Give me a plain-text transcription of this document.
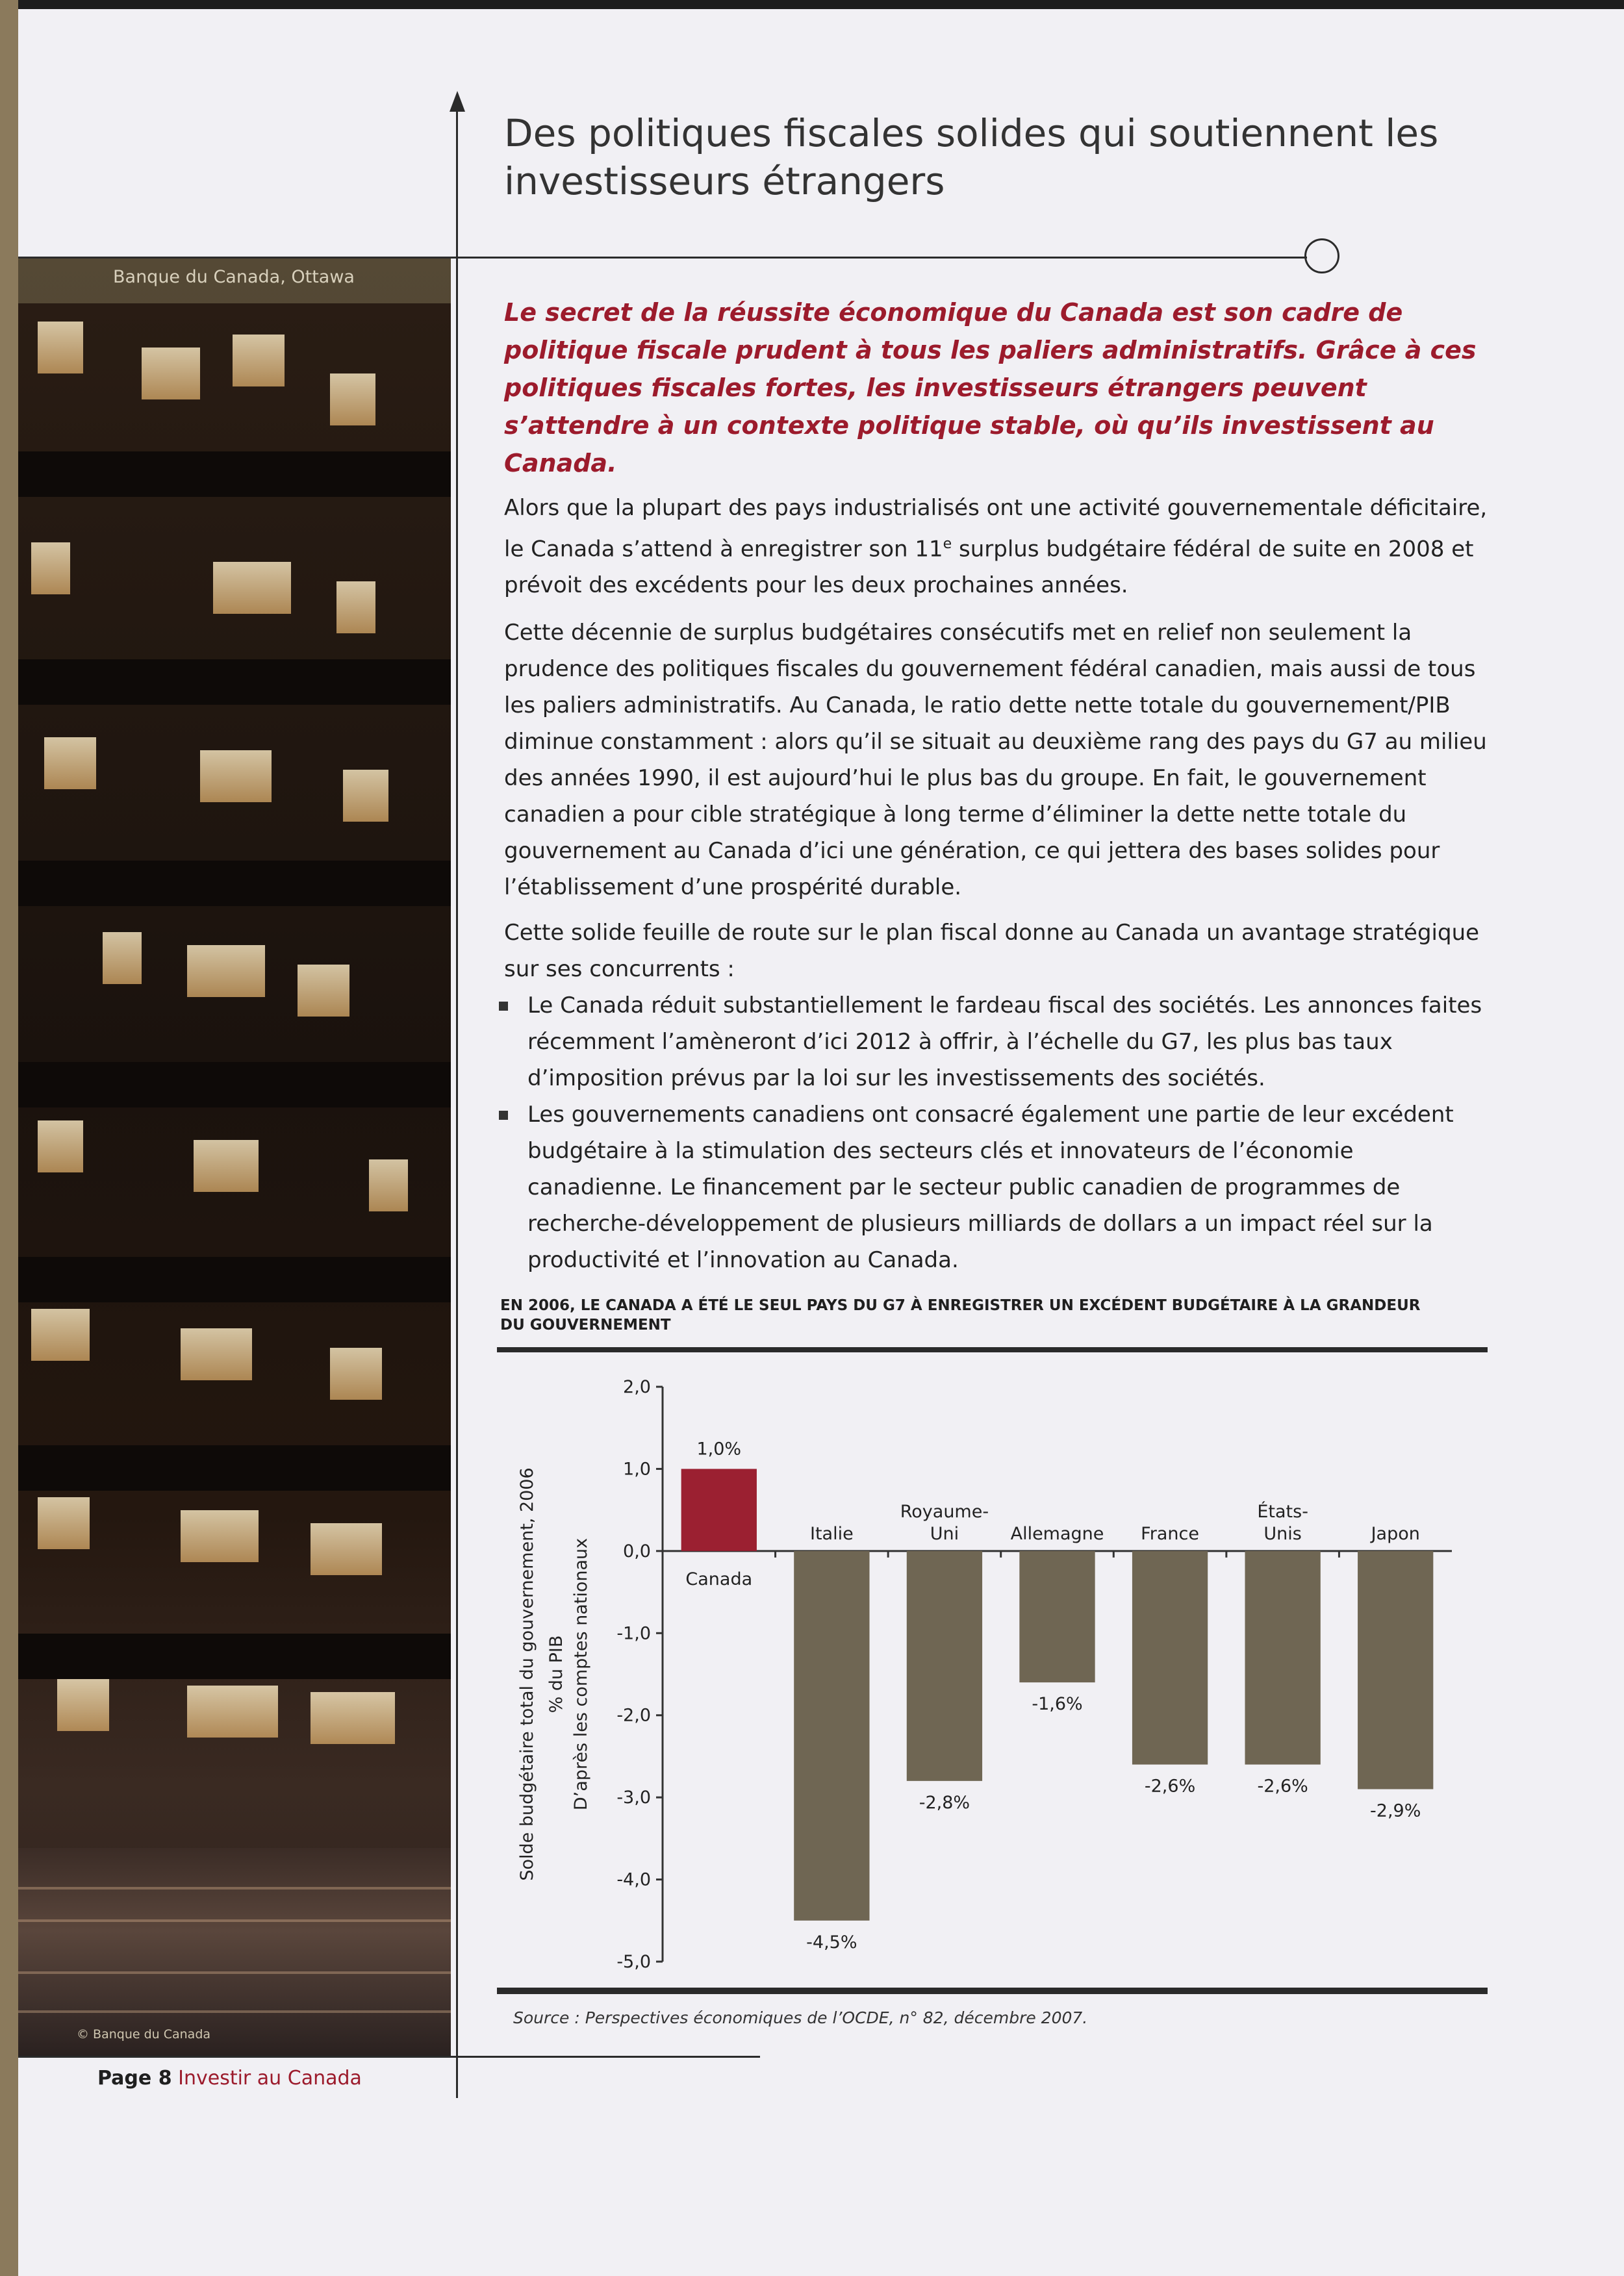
Banque du Canada, Ottawa
© Banque du Canada
Des politiques fiscales solides qui soutiennent les investisseurs étrangers

Le secret de la réussite économique du Canada est son cadre de politique fiscale prudent à tous les paliers administratifs. Grâce à ces politiques fiscales fortes, les investisseurs étrangers peuvent s’attendre à un contexte politique stable, où qu’ils investissent au Canada.

Alors que la plupart des pays industrialisés ont une activité gouvernementale déficitaire, le Canada s’attend à enregistrer son 11e surplus budgétaire fédéral de suite en 2008 et prévoit des excédents pour les deux prochaines années.

Cette décennie de surplus budgétaires consécutifs met en relief non seulement la prudence des politiques fiscales du gouvernement fédéral canadien, mais aussi de tous les paliers administratifs. Au Canada, le ratio dette nette totale du gouvernement/PIB diminue constamment : alors qu’il se situait au deuxième rang des pays du G7 au milieu des années 1990, il est aujourd’hui le plus bas du groupe. En fait, le gouvernement canadien a pour cible stratégique à long terme d’éliminer la dette nette totale du gouvernement au Canada d’ici une génération, ce qui jettera des bases solides pour l’établissement d’une prospérité durable.

Cette solide feuille de route sur le plan fiscal donne au Canada un avantage stratégique sur ses concurrents :

Le Canada réduit substantiellement le fardeau fiscal des sociétés. Les annonces faites récemment l’amèneront d’ici 2012 à offrir, à l’échelle du G7, les plus bas taux d’imposition prévus par la loi sur les investissements des sociétés.
Les gouvernements canadiens ont consacré également une partie de leur excédent budgétaire à la stimulation des secteurs clés et innovateurs de l’économie canadienne. Le financement par le secteur public canadien de programmes de recherche-développement de plusieurs milliards de dollars a un impact réel sur la productivité et l’innovation au Canada.
EN 2006, LE CANADA A ÉTÉ LE SEUL PAYS DU G7 À ENREGISTRER UN EXCÉDENT BUDGÉTAIRE À LA GRANDEUR DU GOUVERNEMENT
2,0
1,0
0,0
-1,0
-2,0
-3,0
-4,0
-5,0
Solde budgétaire total du gouvernement, 2006 % du PIB D’après les comptes nationaux	Canada
1,0%
Italie
-4,5%
Royaume-
Uni
-2,8%
Allemagne
-1,6%
France
-2,6%
États-
Unis
-2,6%
Japon
-2,9%
Source : Perspectives économiques de l’OCDE, n° 82, décembre 2007.
Page 8 Investir au Canada
